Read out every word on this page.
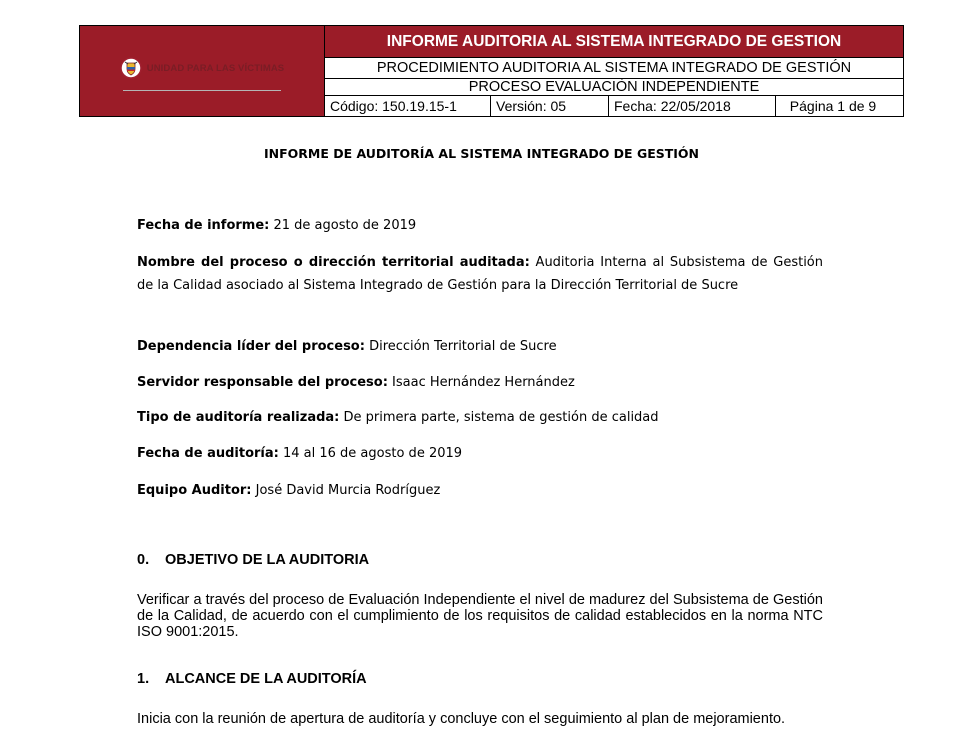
UNIDAD PARA LAS VÍCTIMAS
	INFORME AUDITORIA AL SISTEMA INTEGRADO DE GESTION
PROCEDIMIENTO AUDITORIA AL SISTEMA INTEGRADO DE GESTIÓN
PROCESO EVALUACIÒN INDEPENDIENTE

Código: 150.19.15-1	Versión: 05	Fecha: 22/05/2018	Página 1 de 9
INFORME DE AUDITORÍA AL SISTEMA INTEGRADO DE GESTIÓN
Fecha de informe: 21 de agosto de 2019
Nombre del proceso o dirección territorial auditada: Auditoria Interna al Subsistema de Gestión de la Calidad asociado al Sistema Integrado de Gestión para la Dirección Territorial de Sucre
Dependencia líder del proceso: Dirección Territorial de Sucre
Servidor responsable del proceso: Isaac Hernández Hernández
Tipo de auditoría realizada: De primera parte, sistema de gestión de calidad
Fecha de auditoría: 14 al 16 de agosto de 2019
Equipo Auditor: José David Murcia Rodríguez
0. OBJETIVO DE LA AUDITORIA
Verificar a través del proceso de Evaluación Independiente el nivel de madurez del Subsistema de Gestión de la Calidad, de acuerdo con el cumplimiento de los requisitos de calidad establecidos en la norma NTC ISO 9001:2015.
1. ALCANCE DE LA AUDITORÍA
Inicia con la reunión de apertura de auditoría y concluye con el seguimiento al plan de mejoramiento.
